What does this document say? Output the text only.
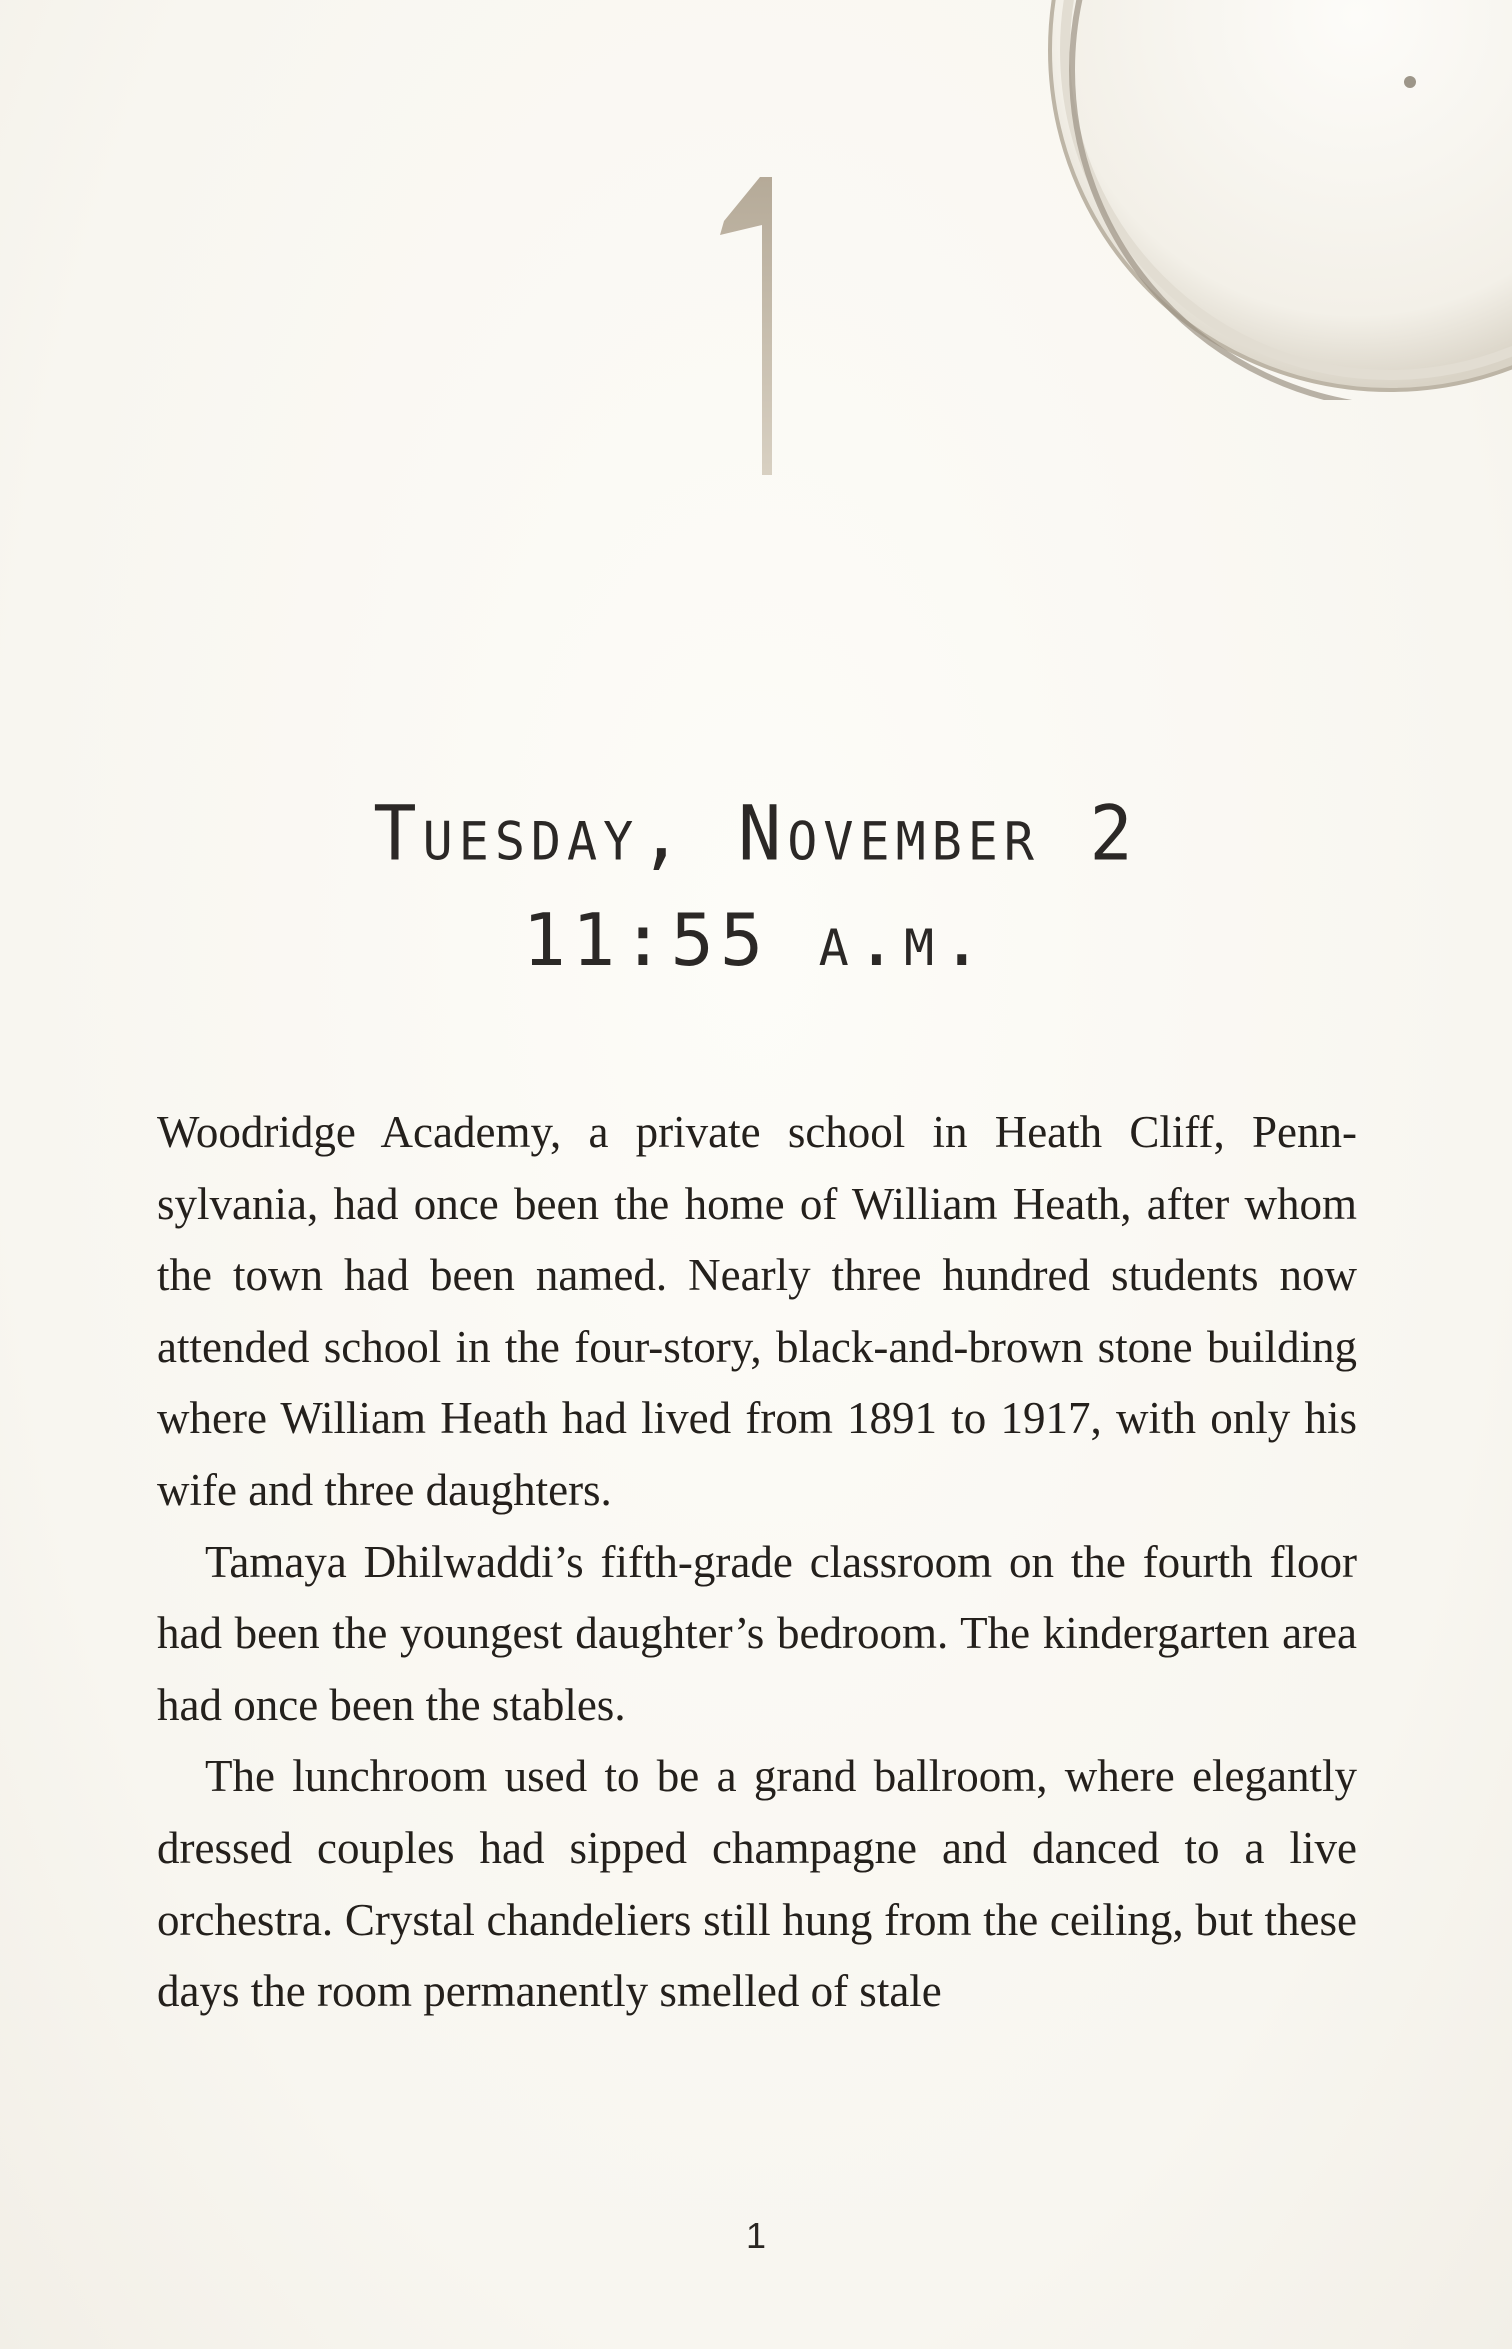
1
Tuesday, November 2
11:55 a.m.

Woodridge Academy, a private school in Heath Cliff, Pennsylvania, had once been the home of William Heath, after whom the town had been named. Nearly three hundred students now attended school in the four-story, black-and-brown stone building where William Heath had lived from 1891 to 1917, with only his wife and three daughters.

Tamaya Dhilwaddi’s fifth-grade classroom on the fourth floor had been the youngest daughter’s bedroom. The kindergarten area had once been the stables.

The lunchroom used to be a grand ballroom, where elegantly dressed couples had sipped champagne and danced to a live orchestra. Crystal chandeliers still hung from the ceiling, but these days the room permanently smelled of stale

1
